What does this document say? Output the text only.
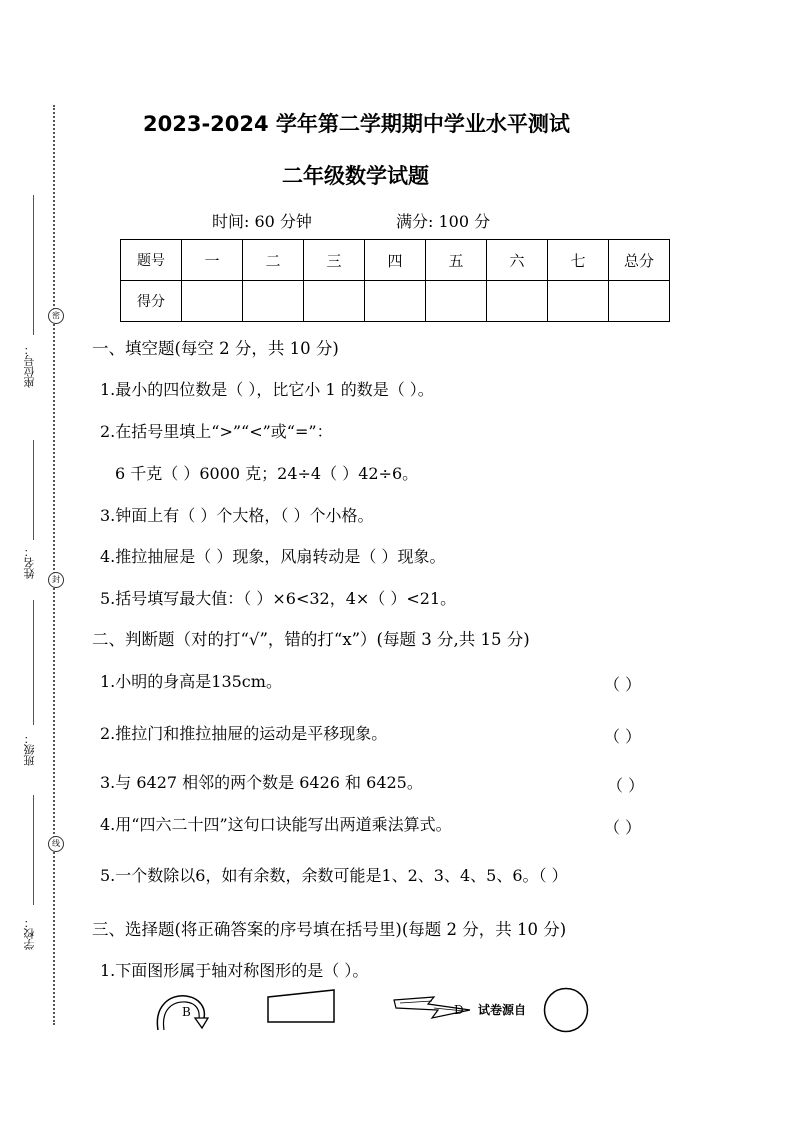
座位号：
姓名：
班级：
学校：
密
封
线
2023-2024 学年第二学期期中学业水平测试
二年级数学试题
时间: 60 分钟	满分: 100 分
题号	一	二	三	四	五	六	七	总分
得分								
一、填空题(每空 2 分，共 10 分)
1.最小的四位数是（ ），比它小 1 的数是（ ）。
2.在括号里填上“>”“<”或“=”：
6 千克（ ）6000 克；24÷4（ ）42÷6。
3.钟面上有（ ）个大格，（ ）个小格。
4.推拉抽屉是（ ）现象，风扇转动是（ ）现象。
5.括号填写最大值：（ ）×6<32，4×（ ）<21。
二、判断题（对的打“√”，错的打“x”）(每题 3 分,共 15 分)
1.小明的身高是135cm。	（ ）
2.推拉门和推拉抽屉的运动是平移现象。	（ ）
3.与 6427 相邻的两个数是 6426 和 6425。	（ ）
4.用“四六二十四”这句口诀能写出两道乘法算式。	（ ）
5.一个数除以6，如有余数，余数可能是1、2、3、4、5、6。（ ）
三、选择题(将正确答案的序号填在括号里)(每题 2 分，共 10 分)
1.下面图形属于轴对称图形的是（ ）。
B	D 试卷源自
